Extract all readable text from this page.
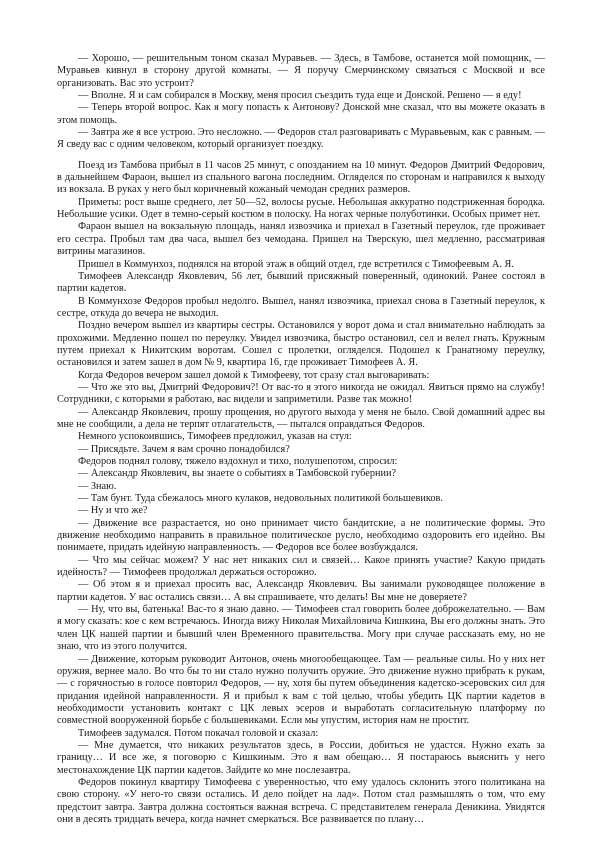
— Хорошо, — решительным тоном сказал Муравьев. — Здесь, в Тамбове, останется мой помощник, — Муравьев кивнул в сторону другой комнаты. — Я поручу Смерчинскому связаться с Москвой и все организовать. Вас это устроит?

— Вполне. Я и сам собирался в Москву, меня просил съездить туда еще и Донской. Решено — я еду!

— Теперь второй вопрос. Как я могу попасть к Антонову? Донской мне сказал, что вы можете оказать в этом помощь.

— Завтра же я все устрою. Это несложно. — Федоров стал разговаривать с Муравьевым, как с равным. — Я сведу вас с одним человеком, который организует поездку.

Поезд из Тамбова прибыл в 11 часов 25 минут, с опозданием на 10 минут. Федоров Дмитрий Федорович, в дальнейшем Фараон, вышел из спального вагона последним. Огляделся по сторонам и направился к выходу из вокзала. В руках у него был коричневый кожаный чемодан средних размеров.

Приметы: рост выше среднего, лет 50—52, волосы русые. Небольшая аккуратно подстриженная бородка. Небольшие усики. Одет в темно-серый костюм в полоску. На ногах черные полуботинки. Особых примет нет.

Фараон вышел на вокзальную площадь, нанял извозчика и приехал в Газетный переулок, где проживает его сестра. Пробыл там два часа, вышел без чемодана. Пришел на Тверскую, шел медленно, рассматривая витрины магазинов.

Пришел в Коммунхоз, поднялся на второй этаж в общий отдел, где встретился с Тимофеевым А. Я.

Тимофеев Александр Яковлевич, 56 лет, бывший присяжный поверенный, одинокий. Ранее состоял в партии кадетов.

В Коммунхозе Федоров пробыл недолго. Вышел, нанял извозчика, приехал снова в Газетный переулок, к сестре, откуда до вечера не выходил.

Поздно вечером вышел из квартиры сестры. Остановился у ворот дома и стал внимательно наблюдать за прохожими. Медленно пошел по переулку. Увидел извозчика, быстро остановил, сел и велел гнать. Кружным путем приехал к Никитским воротам. Сошел с пролетки, огляделся. Подошел к Гранатному переулку, остановился и затем зашел в дом № 9, квартира 16, где проживает Тимофеев А. Я.

Когда Федоров вечером зашел домой к Тимофееву, тот сразу стал выговаривать:

— Что же это вы, Дмитрий Федорович?! От вас-то я этого никогда не ожидал. Явиться прямо на службу! Сотрудники, с которыми я работаю, вас видели и заприметили. Разве так можно!

— Александр Яковлевич, прошу прощения, но другого выхода у меня не было. Свой домашний адрес вы мне не сообщили, а дела не терпят отлагательств, — пытался оправдаться Федоров.

Немного успокоившись, Тимофеев предложил, указав на стул:

— Присядьте. Зачем я вам срочно понадобился?

Федоров поднял голову, тяжело вздохнул и тихо, полушепотом, спросил:

— Александр Яковлевич, вы знаете о событиях в Тамбовской губернии?

— Знаю.

— Там бунт. Туда сбежалось много кулаков, недовольных политикой большевиков.

— Ну и что же?

— Движение все разрастается, но оно принимает чисто бандитские, а не политические формы. Это движение необходимо направить в правильное политическое русло, необходимо оздоровить его идейно. Вы понимаете, придать идейную направленность. — Федоров все более возбуждался.

— Что мы сейчас можем? У нас нет никаких сил и связей… Какое принять участие? Какую придать идейность? — Тимофеев продолжал держаться осторожно.

— Об этом я и приехал просить вас, Александр Яковлевич. Вы занимали руководящее положение в партии кадетов. У вас остались связи… А вы спрашиваете, что делать! Вы мне не доверяете?

— Ну, что вы, батенька! Вас-то я знаю давно. — Тимофеев стал говорить более доброжелательно. — Вам я могу сказать: кое с кем встречаюсь. Иногда вижу Николая Михайловича Кишкина, Вы его должны знать. Это член ЦК нашей партии и бывший член Временного правительства. Могу при случае рассказать ему, но не знаю, что из этого получится.

— Движение, которым руководит Антонов, очень многообещающее. Там — реальные силы. Но у них нет оружия, вернее мало. Во что бы то ни стало нужно получить оружие. Это движение нужно прибрать к рукам, — с горячностью в голосе повторил Федоров, — ну, хотя бы путем объединения кадетско-эсеровских сил для придания идейной направленности. Я и прибыл к вам с той целью, чтобы убедить ЦК партии кадетов в необходимости установить контакт с ЦК левых эсеров и выработать согласительную платформу по совместной вооруженной борьбе с большевиками. Если мы упустим, история нам не простит.

Тимофеев задумался. Потом покачал головой и сказал:

— Мне думается, что никаких результатов здесь, в России, добиться не удастся. Нужно ехать за границу… И все же, я поговорю с Кишкиным. Это я вам обещаю… Я постараюсь выяснить у него местонахождение ЦК партии кадетов. Зайдите ко мне послезавтра.

Федоров покинул квартиру Тимофеева с уверенностью, что ему удалось склонить этого политикана на свою сторону. «У него-то связи остались. И дело пойдет на лад». Потом стал размышлять о том, что ему предстоит завтра. Завтра должна состояться важная встреча. С представителем генерала Деникина. Увидятся они в десять тридцать вечера, когда начнет смеркаться. Все развивается по плану…
